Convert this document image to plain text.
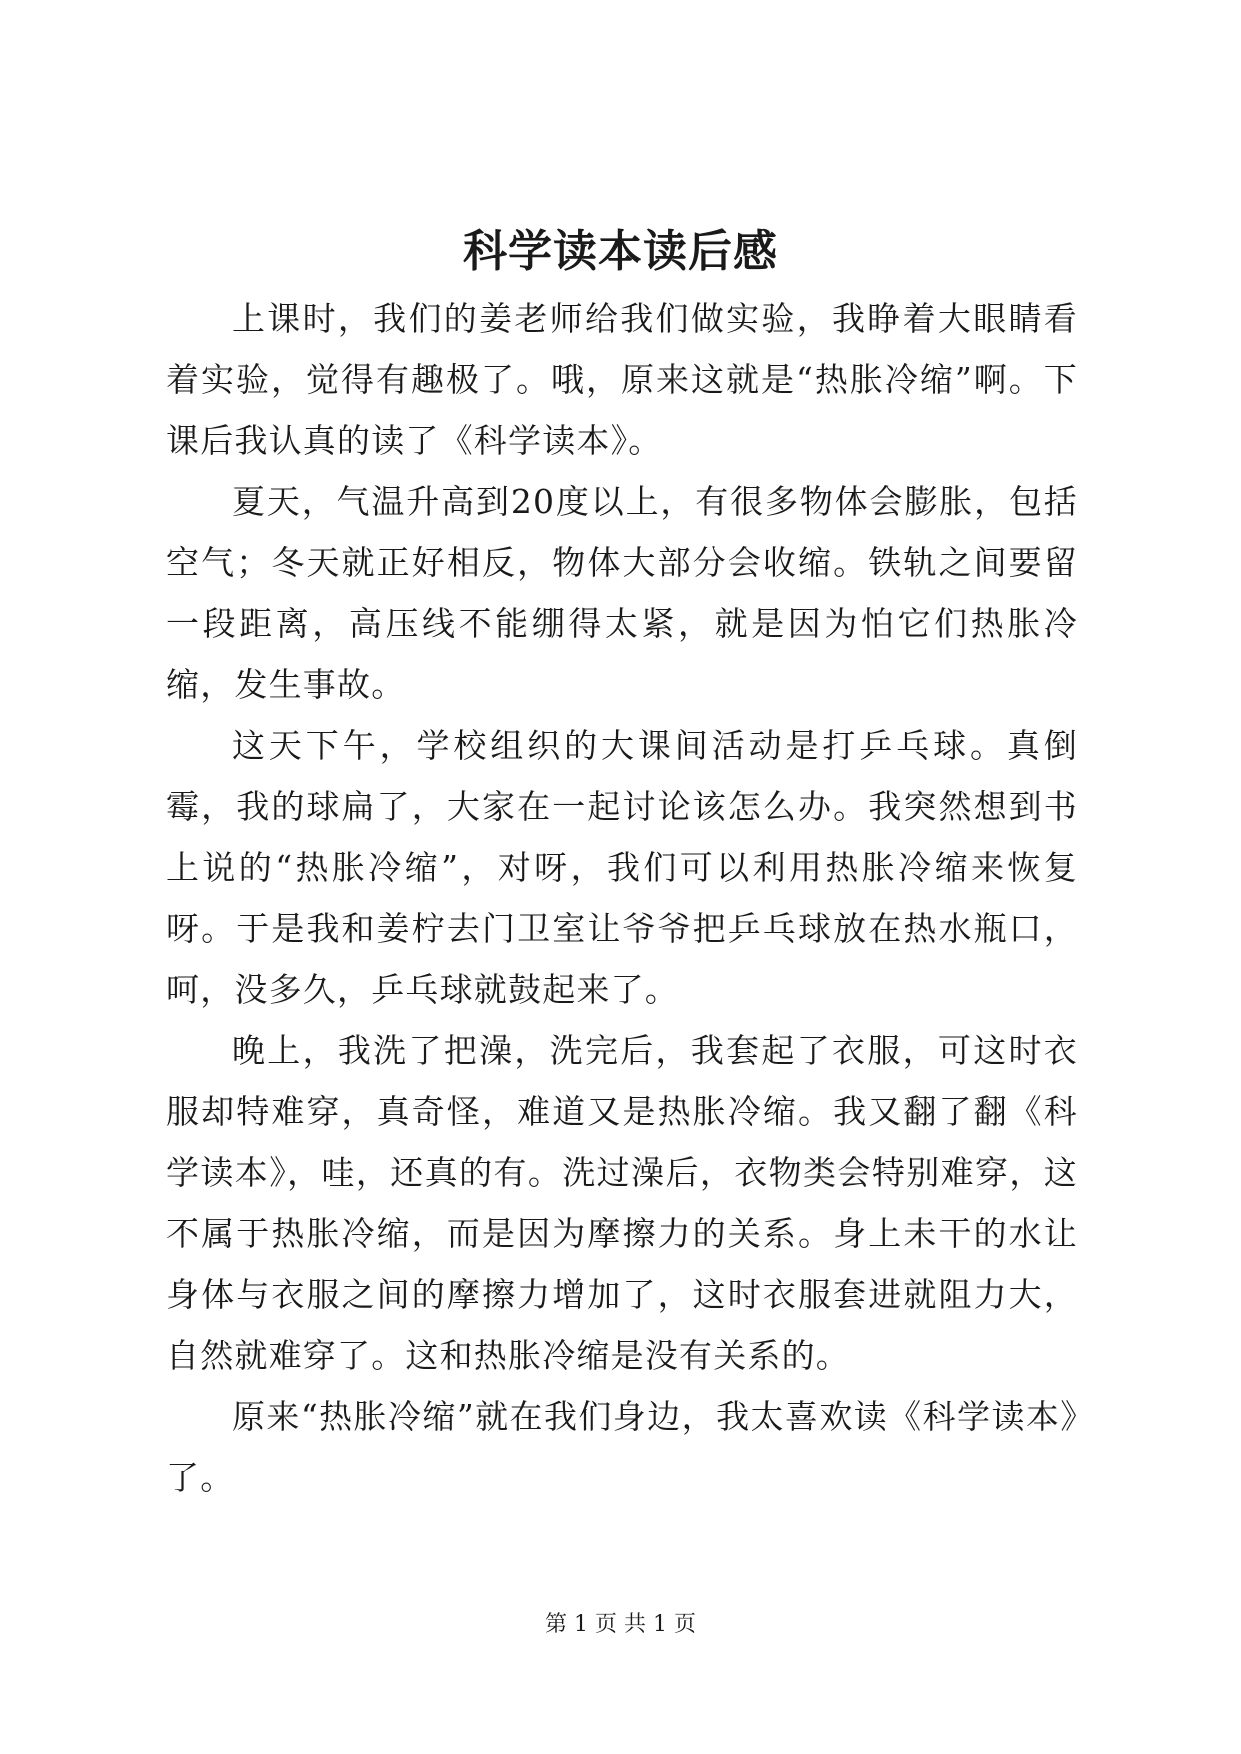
科学读本读后感

上课时，我们的姜老师给我们做实验，我睁着大眼睛看着实验，觉得有趣极了。哦，原来这就是“热胀冷缩”啊。下课后我认真的读了《科学读本》。

夏天，气温升高到20度以上，有很多物体会膨胀，包括空气；冬天就正好相反，物体大部分会收缩。铁轨之间要留一段距离，高压线不能绷得太紧，就是因为怕它们热胀冷缩，发生事故。

这天下午，学校组织的大课间活动是打乒乓球。真倒霉，我的球扁了，大家在一起讨论该怎么办。我突然想到书上说的“热胀冷缩”，对呀，我们可以利用热胀冷缩来恢复呀。于是我和姜柠去门卫室让爷爷把乒乓球放在热水瓶口，呵，没多久，乒乓球就鼓起来了。

晚上，我洗了把澡，洗完后，我套起了衣服，可这时衣服却特难穿，真奇怪，难道又是热胀冷缩。我又翻了翻《科学读本》，哇，还真的有。洗过澡后，衣物类会特别难穿，这不属于热胀冷缩，而是因为摩擦力的关系。身上未干的水让身体与衣服之间的摩擦力增加了，这时衣服套进就阻力大，自然就难穿了。这和热胀冷缩是没有关系的。

原来“热胀冷缩”就在我们身边，我太喜欢读《科学读本》了。

第 1 页 共 1 页
